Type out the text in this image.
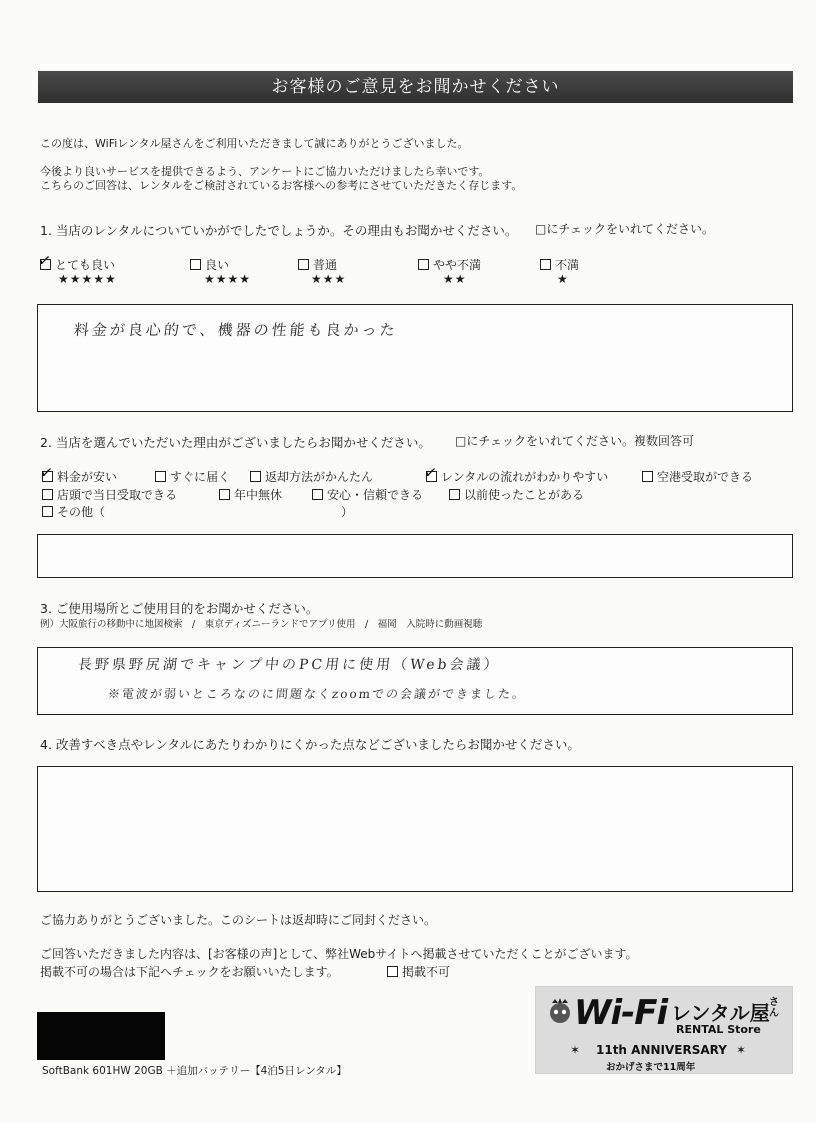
お客様のご意見をお聞かせください
この度は、WiFiレンタル屋さんをご利用いただきまして誠にありがとうございました。
今後より良いサービスを提供できるよう、アンケートにご協力いただけましたら幸いです。
こちらのご回答は、レンタルをご検討されているお客様への参考にさせていただきたく存じます。
1. 当店のレンタルについていかがでしたでしょうか。その理由もお聞かせください。 □にチェックをいれてください。
✓ とても良い
★★★★★
良い
★★★★
普通
★★★
やや不満
★★
不満
★
料金が良心的で、機器の性能も良かった
2. 当店を選んでいただいた理由がございましたらお聞かせください。 □にチェックをいれてください。複数回答可
✓ 料金が安い	すぐに届く	返却方法がかんたん	✓ レンタルの流れがわかりやすい	空港受取ができる
店頭で当日受取できる	年中無休	安心・信頼できる	以前使ったことがある
その他（	）
3. ご使用場所とご使用目的をお聞かせください。
例）大阪旅行の移動中に地図検索　/　東京ディズニーランドでアプリ使用　/　福岡　入院時に動画視聴
長野県野尻湖でキャンプ中のPC用に使用（Web会議）
※電波が弱いところなのに問題なくzoomでの会議ができました。
4. 改善すべき点やレンタルにあたりわかりにくかった点などございましたらお聞かせください。
ご協力ありがとうございました。このシートは返却時にご同封ください。
ご回答いただきました内容は、[お客様の声]として、弊社Webサイトへ掲載させていただくことがございます。
掲載不可の場合は下記へチェックをお願いいたします。	掲載不可
SoftBank 601HW 20GB ＋追加バッテリー【4泊5日レンタル】
Wi-Fi レンタル屋 さん
RENTAL Store
11th ANNIVERSARY
おかげさまで11周年
✶	✶
